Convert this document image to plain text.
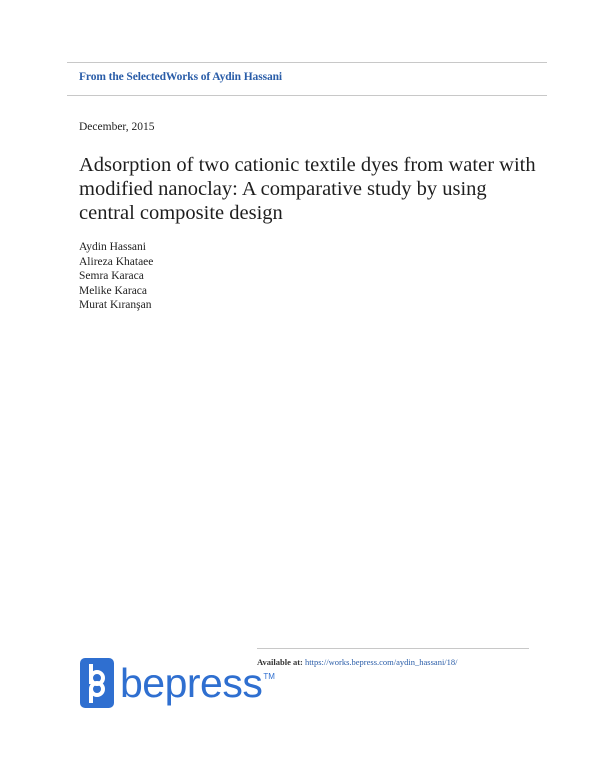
From the SelectedWorks of Aydin Hassani
December, 2015
Adsorption of two cationic textile dyes from water with modified nanoclay: A comparative study by using central composite design
Aydin Hassani
Alireza Khataee
Semra Karaca
Melike Karaca
Murat Kıranşan
Available at: https://works.bepress.com/aydin_hassani/18/
bepress TM
